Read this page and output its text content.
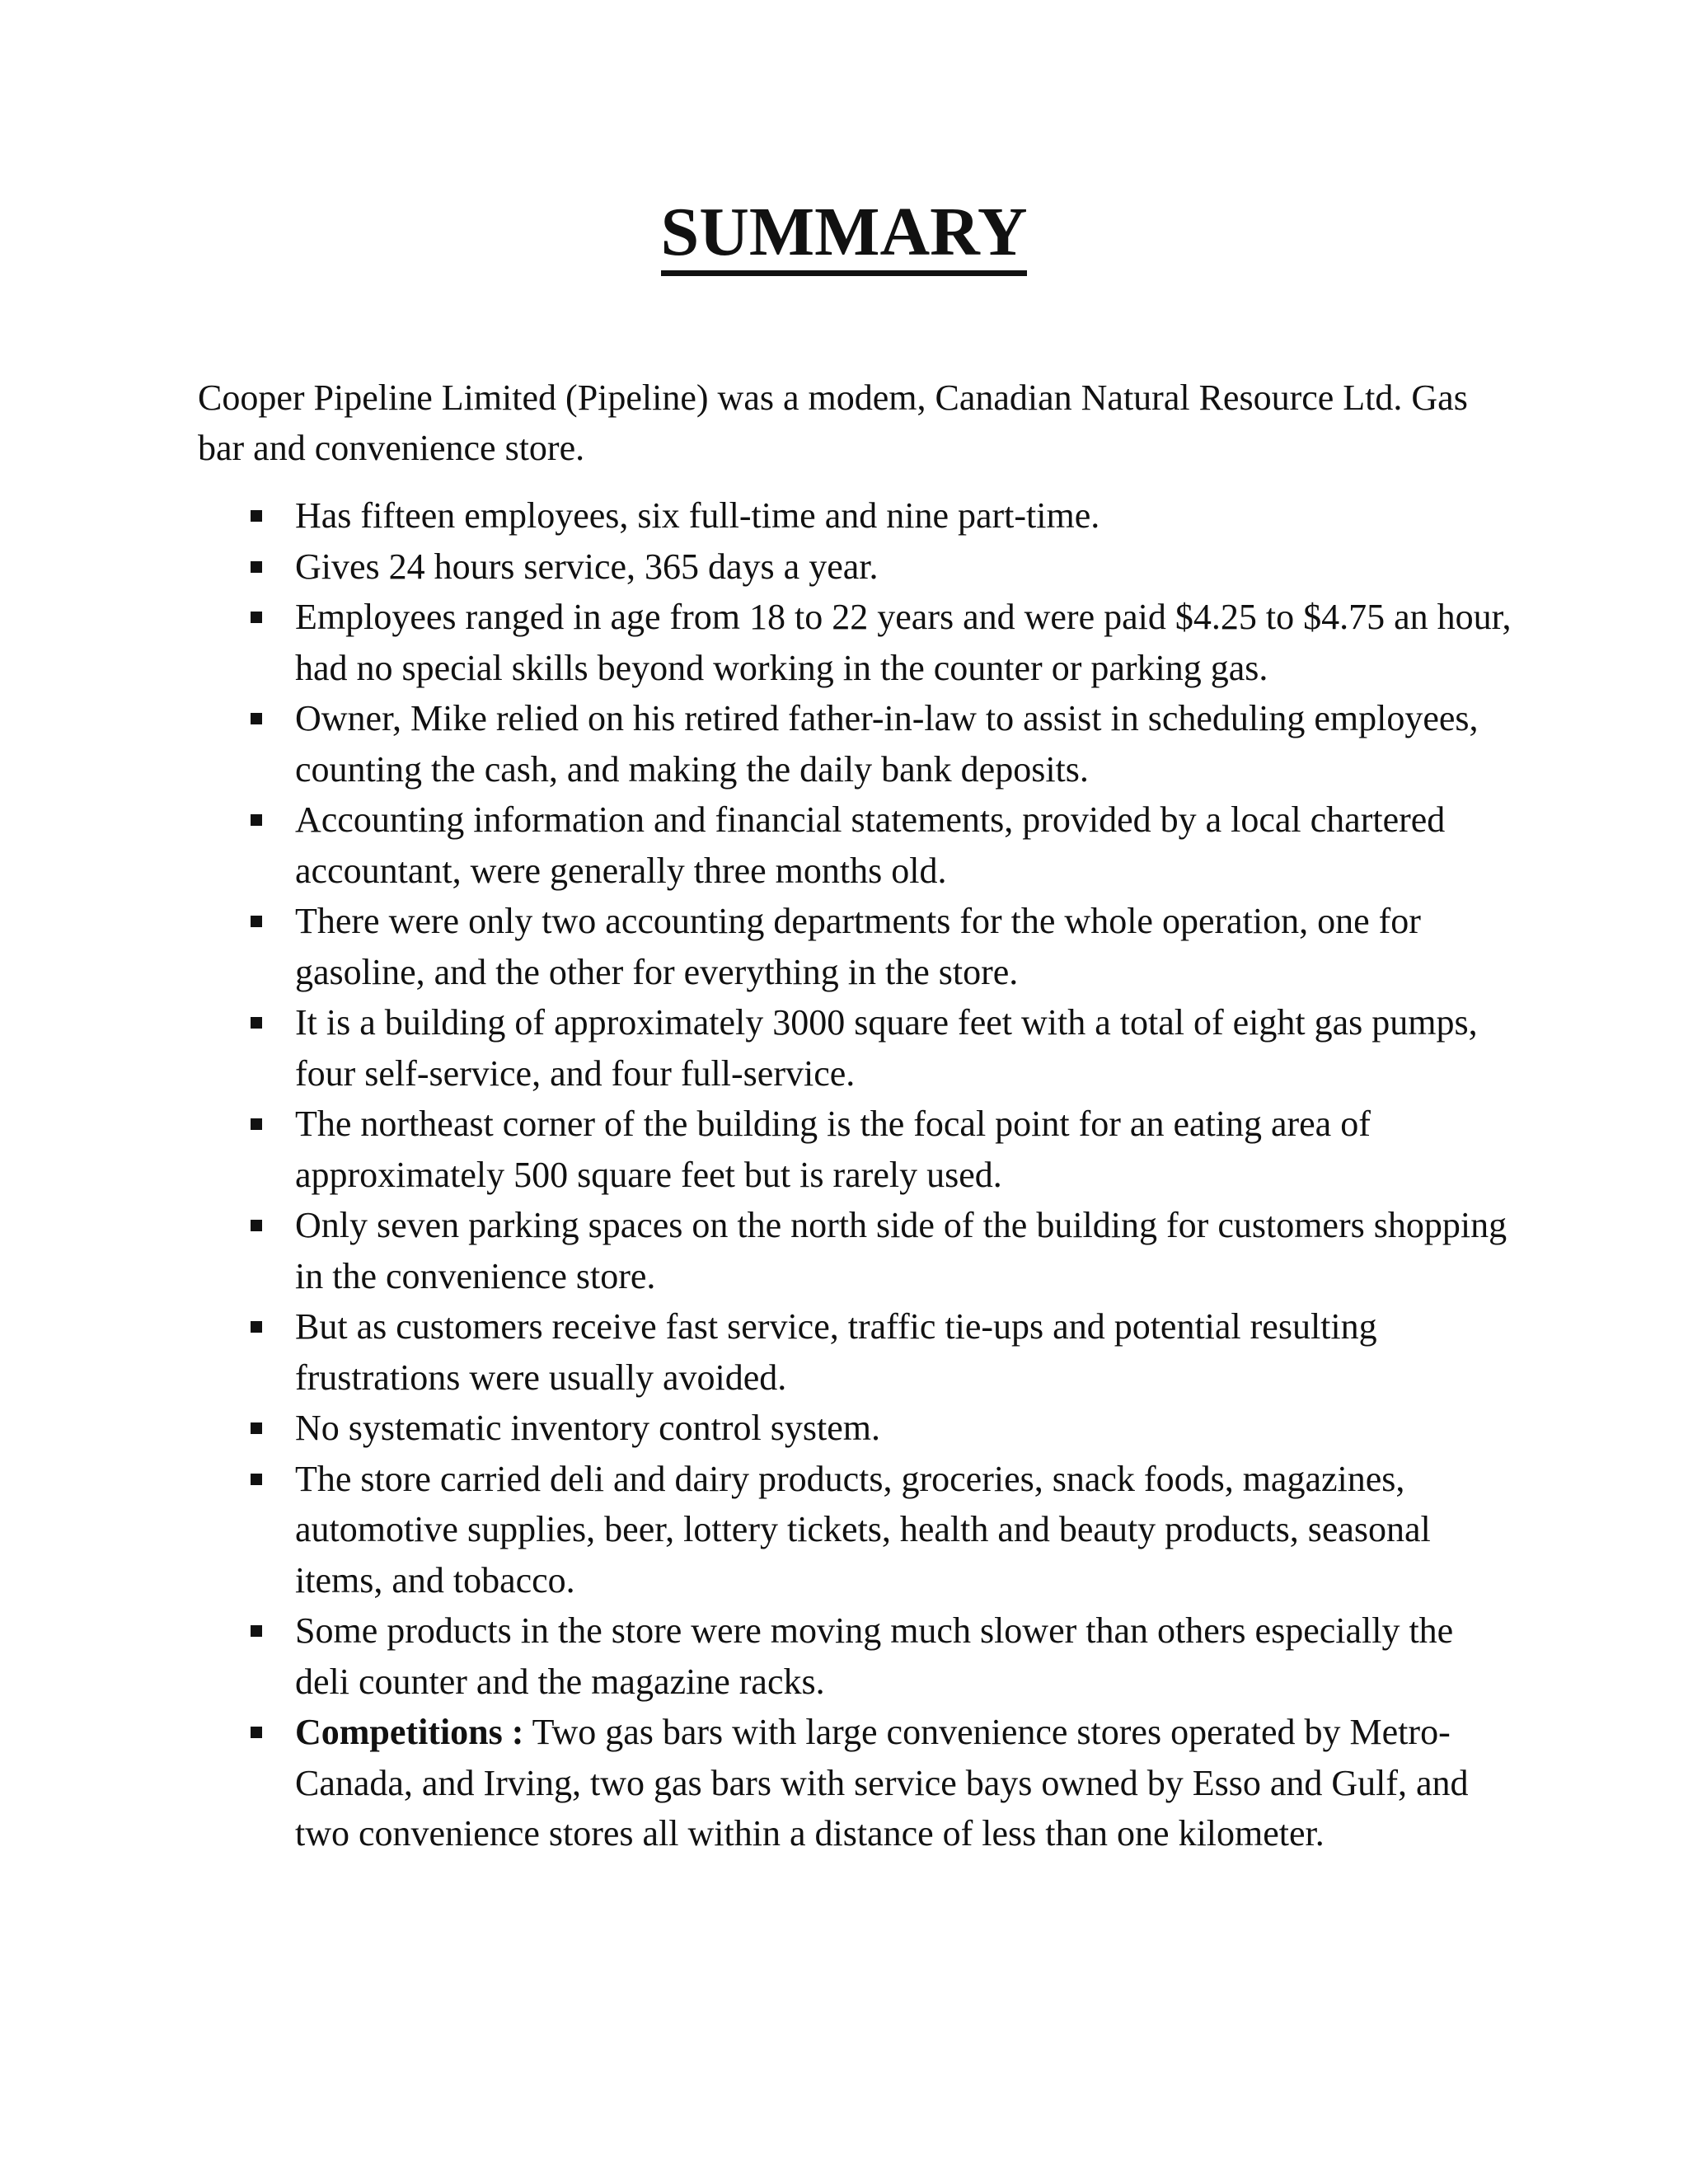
SUMMARY

Cooper Pipeline Limited (Pipeline) was a modem, Canadian Natural Resource Ltd. Gas bar and convenience store.

Has fifteen employees, six full-time and nine part-time.
Gives 24 hours service, 365 days a year.
Employees ranged in age from 18 to 22 years and were paid $4.25 to $4.75 an hour, had no special skills beyond working in the counter or parking gas.
Owner, Mike relied on his retired father-in-law to assist in scheduling employees, counting the cash, and making the daily bank deposits.
Accounting information and financial statements, provided by a local chartered accountant, were generally three months old.
There were only two accounting departments for the whole operation, one for gasoline, and the other for everything in the store.
It is a building of approximately 3000 square feet with a total of eight gas pumps, four self-service, and four full-service.
The northeast corner of the building is the focal point for an eating area of approximately 500 square feet but is rarely used.
Only seven parking spaces on the north side of the building for customers shopping in the convenience store.
But as customers receive fast service, traffic tie-ups and potential resulting frustrations were usually avoided.
No systematic inventory control system.
The store carried deli and dairy products, groceries, snack foods, magazines, automotive supplies, beer, lottery tickets, health and beauty products, seasonal items, and tobacco.
Some products in the store were moving much slower than others especially the deli counter and the magazine racks.
Competitions : Two gas bars with large convenience stores operated by Metro-Canada, and Irving, two gas bars with service bays owned by Esso and Gulf, and two convenience stores all within a distance of less than one kilometer.
